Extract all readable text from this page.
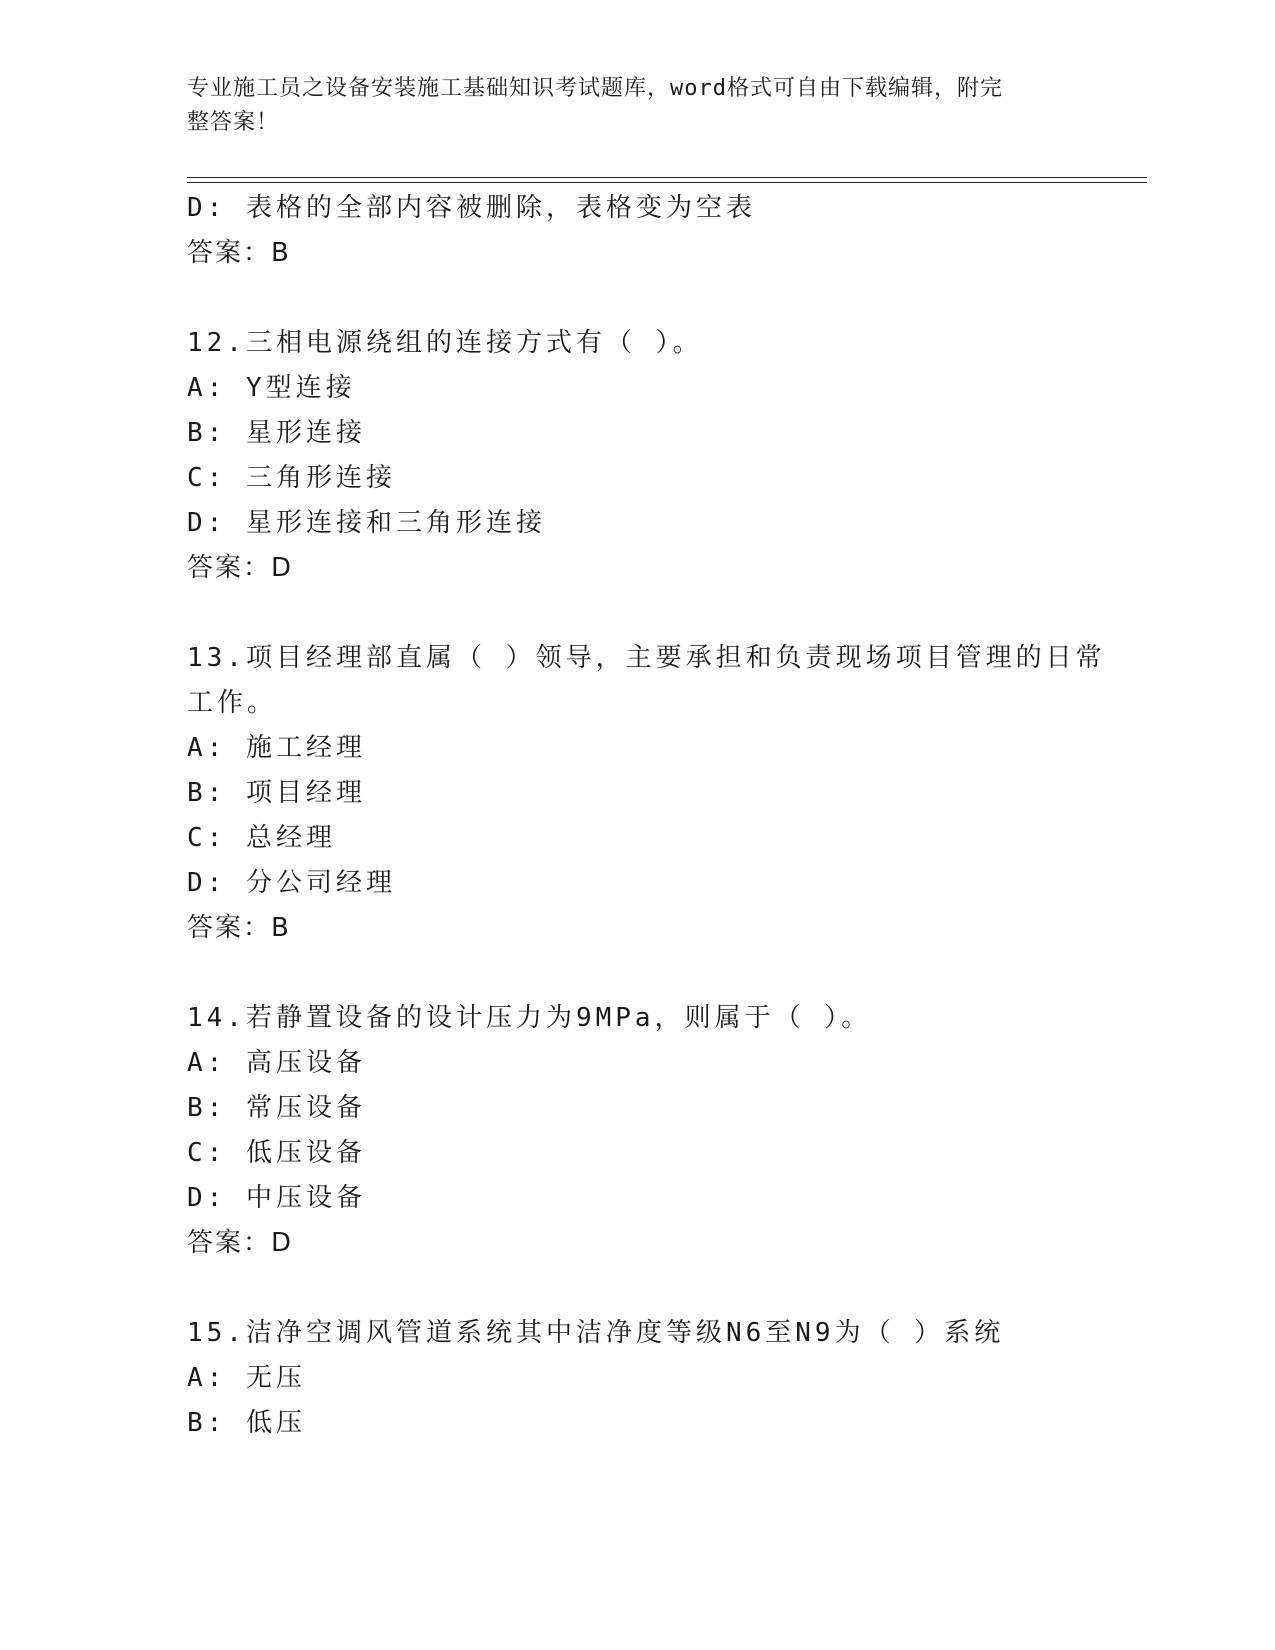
专业施工员之设备安装施工基础知识考试题库，word格式可自由下载编辑，附完
整答案！
D: 表格的全部内容被删除，表格变为空表
答案：B
12.三相电源绕组的连接方式有（ ）。
A: Y型连接
B: 星形连接
C: 三角形连接
D: 星形连接和三角形连接
答案：D
13.项目经理部直属（ ）领导，主要承担和负责现场项目管理的日常
工作。
A: 施工经理
B: 项目经理
C: 总经理
D: 分公司经理
答案：B
14.若静置设备的设计压力为9MPa，则属于（ ）。
A: 高压设备
B: 常压设备
C: 低压设备
D: 中压设备
答案：D
15.洁净空调风管道系统其中洁净度等级N6至N9为（ ）系统
A: 无压
B: 低压
